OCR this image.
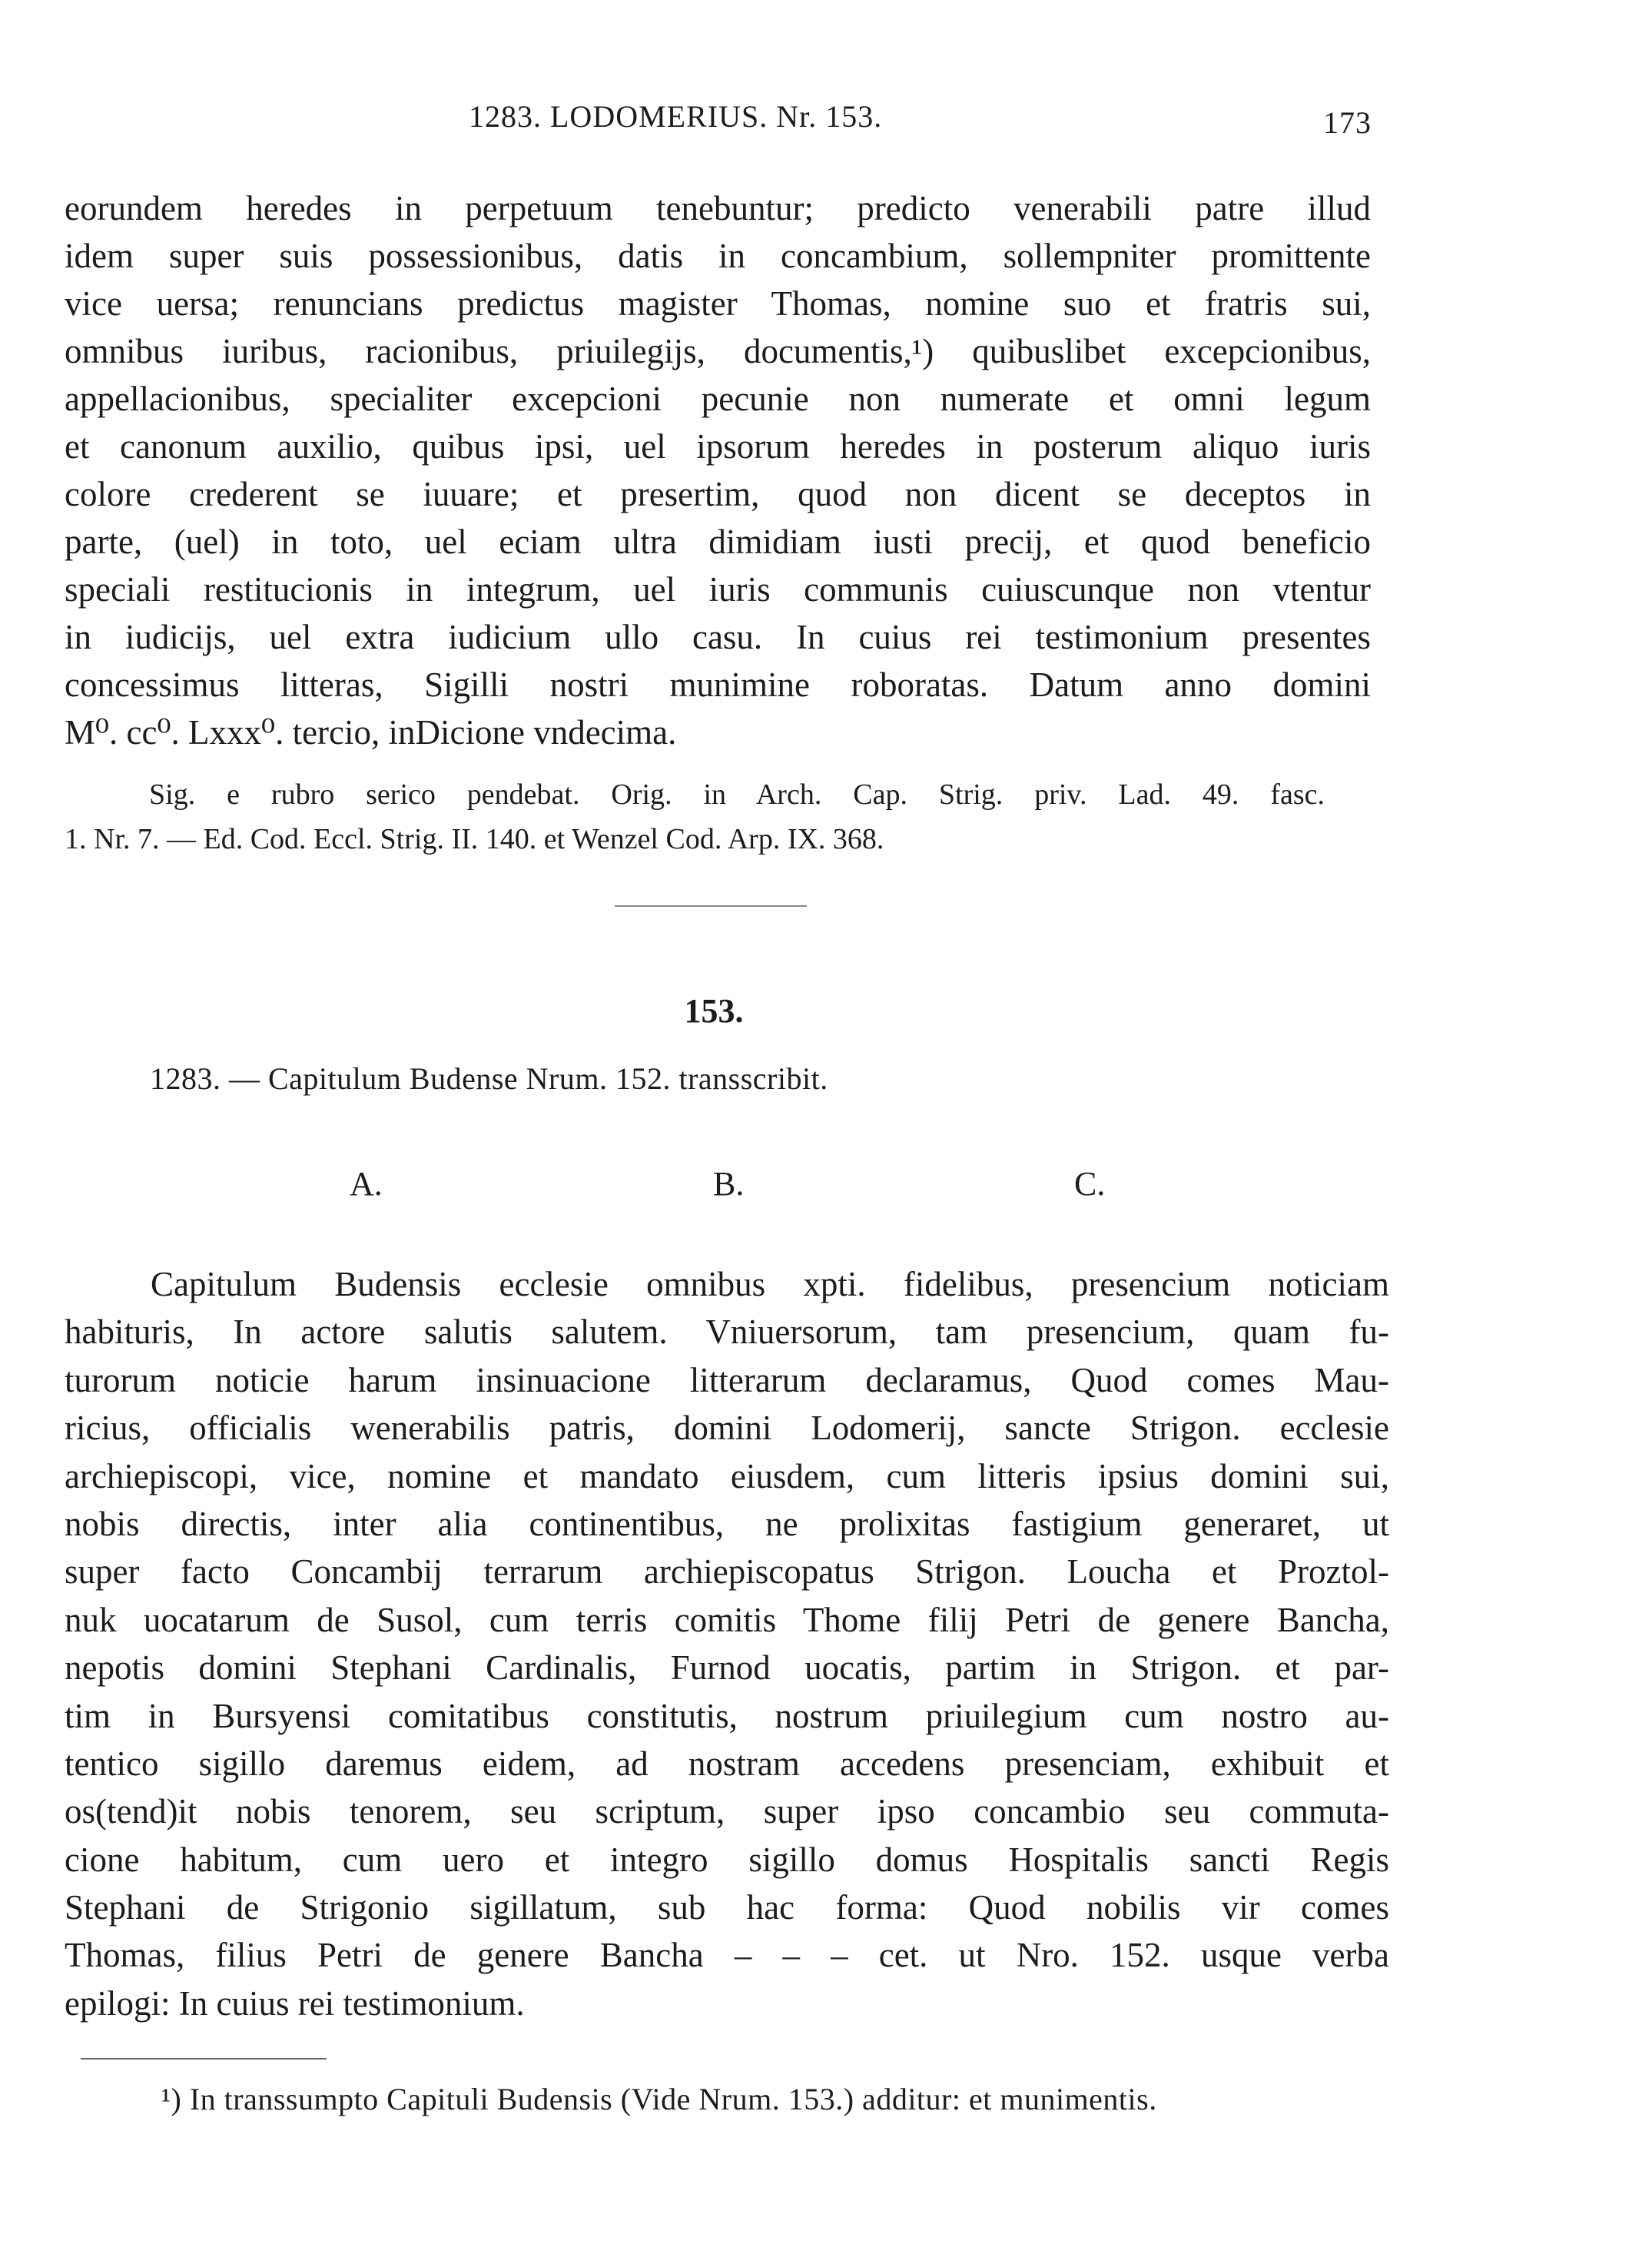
1283. LODOMERIUS. Nr. 153.	173
eorundem heredes in perpetuum tenebuntur; predicto venerabili patre illud
idem super suis possessionibus, datis in concambium, sollempniter promittente
vice uersa; renuncians predictus magister Thomas, nomine suo et fratris sui,
omnibus iuribus, racionibus, priuilegijs, documentis,¹) quibuslibet excepcionibus,
appellacionibus, specialiter excepcioni pecunie non numerate et omni legum
et canonum auxilio, quibus ipsi, uel ipsorum heredes in posterum aliquo iuris
colore crederent se iuuare; et presertim, quod non dicent se deceptos in
parte, (uel) in toto, uel eciam ultra dimidiam iusti precij, et quod beneficio
speciali restitucionis in integrum, uel iuris communis cuiuscunque non vtentur
in iudicijs, uel extra iudicium ullo casu. In cuius rei testimonium presentes
concessimus litteras, Sigilli nostri munimine roboratas. Datum anno domini
M⁰. cc⁰. Lxxx⁰. tercio, inDicione vndecima.
Sig. e rubro serico pendebat. Orig. in Arch. Cap. Strig. priv. Lad. 49. fasc.
1. Nr. 7. — Ed. Cod. Eccl. Strig. II. 140. et Wenzel Cod. Arp. IX. 368.
153.
1283. — Capitulum Budense Nrum. 152. transscribit.
A.	B.	C.
Capitulum Budensis ecclesie omnibus xpti. fidelibus, presencium noticiam
habituris, In actore salutis salutem. Vniuersorum, tam presencium, quam fu-
turorum noticie harum insinuacione litterarum declaramus, Quod comes Mau-
ricius, officialis wenerabilis patris, domini Lodomerij, sancte Strigon. ecclesie
archiepiscopi, vice, nomine et mandato eiusdem, cum litteris ipsius domini sui,
nobis directis, inter alia continentibus, ne prolixitas fastigium generaret, ut
super facto Concambij terrarum archiepiscopatus Strigon. Loucha et Proztol-
nuk uocatarum de Susol, cum terris comitis Thome filij Petri de genere Bancha,
nepotis domini Stephani Cardinalis, Furnod uocatis, partim in Strigon. et par-
tim in Bursyensi comitatibus constitutis, nostrum priuilegium cum nostro au-
tentico sigillo daremus eidem, ad nostram accedens presenciam, exhibuit et
os(tend)it nobis tenorem, seu scriptum, super ipso concambio seu commuta-
cione habitum, cum uero et integro sigillo domus Hospitalis sancti Regis
Stephani de Strigonio sigillatum, sub hac forma: Quod nobilis vir comes
Thomas, filius Petri de genere Bancha – – – cet. ut Nro. 152. usque verba
epilogi: In cuius rei testimonium.
¹) In transsumpto Capituli Budensis (Vide Nrum. 153.) additur: et munimentis.
